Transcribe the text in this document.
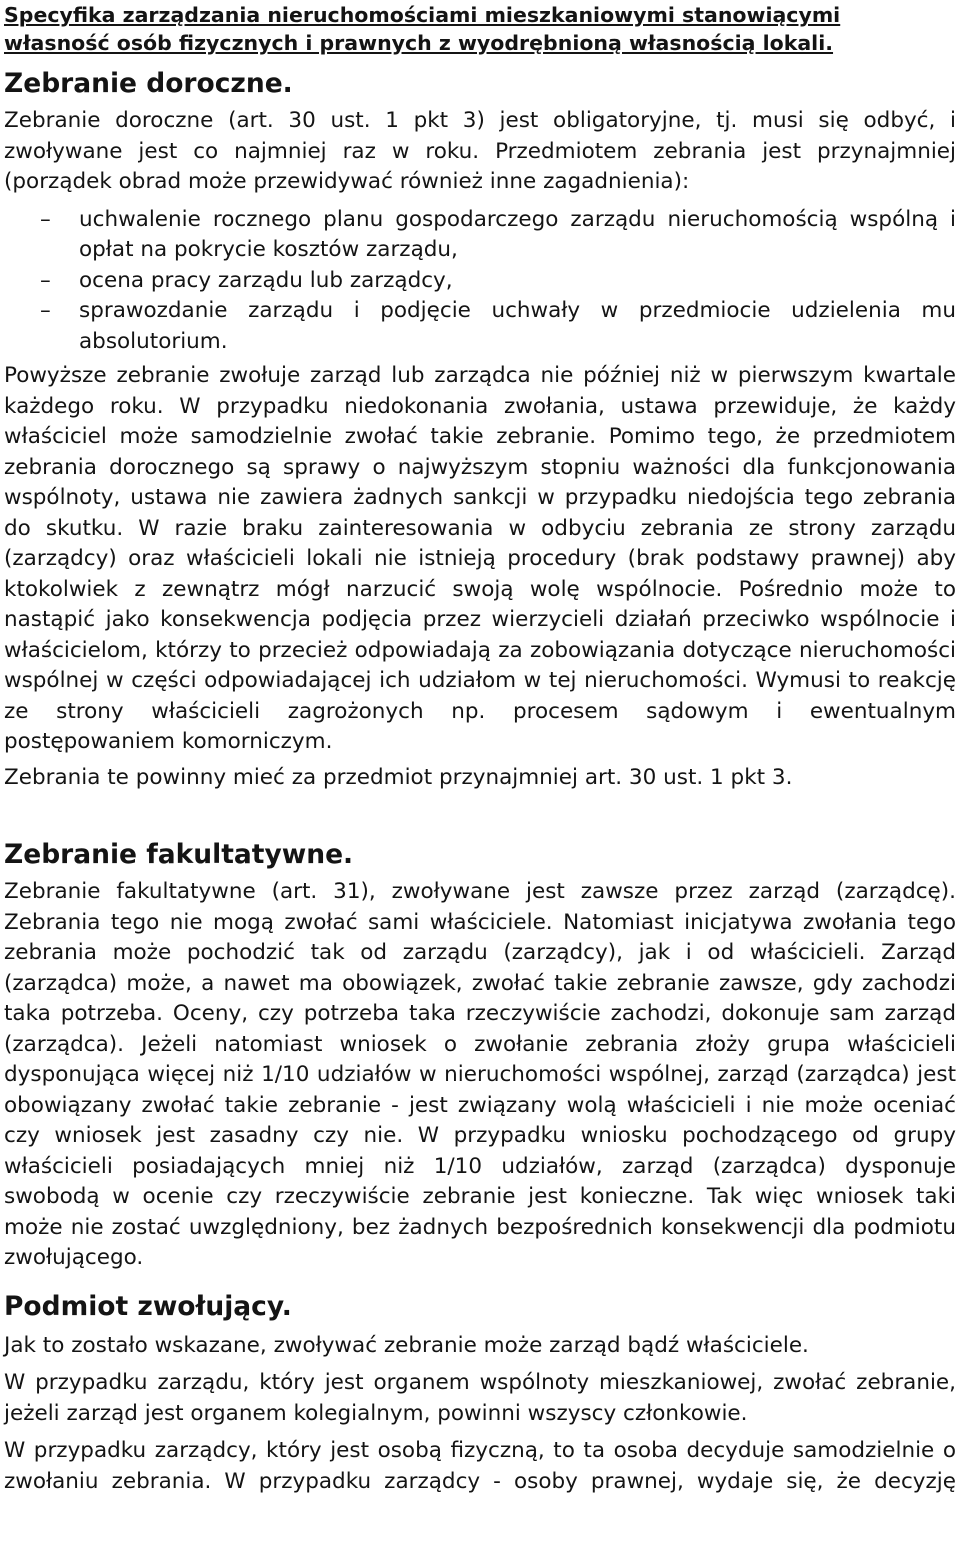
Specyfika zarządzania nieruchomościami mieszkaniowymi stanowiącymi

własność osób fizycznych i prawnych z wyodrębnioną własnością lokali.

Zebranie doroczne.

Zebranie doroczne (art. 30 ust. 1 pkt 3) jest obligatoryjne, tj. musi się odbyć, i zwoływane jest co najmniej raz w roku. Przedmiotem zebrania jest przynajmniej (porządek obrad może przewidywać również inne zagadnienia):

– uchwalenie rocznego planu gospodarczego zarządu nieruchomością wspólną i opłat na pokrycie kosztów zarządu,
– ocena pracy zarządu lub zarządcy,
– sprawozdanie zarządu i podjęcie uchwały w przedmiocie udzielenia mu absolutorium.

Powyższe zebranie zwołuje zarząd lub zarządca nie później niż w pierwszym kwartale każdego roku. W przypadku niedokonania zwołania, ustawa przewiduje, że każdy właściciel może samodzielnie zwołać takie zebranie. Pomimo tego, że przedmiotem zebrania dorocznego są sprawy o najwyższym stopniu ważności dla funkcjonowania wspólnoty, ustawa nie zawiera żadnych sankcji w przypadku niedojścia tego zebrania do skutku. W razie braku zainteresowania w odbyciu zebrania ze strony zarządu (zarządcy) oraz właścicieli lokali nie istnieją procedury (brak podstawy prawnej) aby ktokolwiek z zewnątrz mógł narzucić swoją wolę wspólnocie. Pośrednio może to nastąpić jako konsekwencja podjęcia przez wierzycieli działań przeciwko wspólnocie i właścicielom, którzy to przecież odpowiadają za zobowiązania dotyczące nieruchomości wspólnej w części odpowiadającej ich udziałom w tej nieruchomości. Wymusi to reakcję ze strony właścicieli zagrożonych np. procesem sądowym i ewentualnym postępowaniem komorniczym.

Zebrania te powinny mieć za przedmiot przynajmniej art. 30 ust. 1 pkt 3.

Zebranie fakultatywne.

Zebranie fakultatywne (art. 31), zwoływane jest zawsze przez zarząd (zarządcę). Zebrania tego nie mogą zwołać sami właściciele. Natomiast inicjatywa zwołania tego zebrania może pochodzić tak od zarządu (zarządcy), jak i od właścicieli. Zarząd (zarządca) może, a nawet ma obowiązek, zwołać takie zebranie zawsze, gdy zachodzi taka potrzeba. Oceny, czy potrzeba taka rzeczywiście zachodzi, dokonuje sam zarząd (zarządca). Jeżeli natomiast wniosek o zwołanie zebrania złoży grupa właścicieli dysponująca więcej niż 1/10 udziałów w nieruchomości wspólnej, zarząd (zarządca) jest obowiązany zwołać takie zebranie - jest związany wolą właścicieli i nie może oceniać czy wniosek jest zasadny czy nie. W przypadku wniosku pochodzącego od grupy właścicieli posiadających mniej niż 1/10 udziałów, zarząd (zarządca) dysponuje swobodą w ocenie czy rzeczywiście zebranie jest konieczne. Tak więc wniosek taki może nie zostać uwzględniony, bez żadnych bezpośrednich konsekwencji dla podmiotu zwołującego.

Podmiot zwołujący.

Jak to zostało wskazane, zwoływać zebranie może zarząd bądź właściciele.

W przypadku zarządu, który jest organem wspólnoty mieszkaniowej, zwołać zebranie, jeżeli zarząd jest organem kolegialnym, powinni wszyscy członkowie.

W przypadku zarządcy, który jest osobą fizyczną, to ta osoba decyduje samodzielnie o zwołaniu zebrania. W przypadku zarządcy - osoby prawnej, wydaje się, że decyzję
